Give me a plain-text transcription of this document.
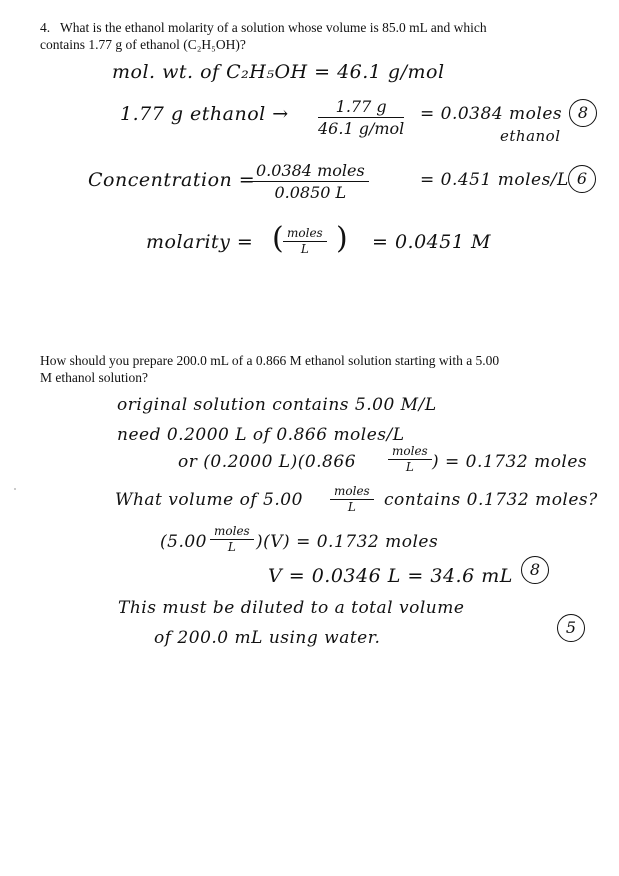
4. What is the ethanol molarity of a solution whose volume is 85.0 mL and which
contains 1.77 g of ethanol (C₂H₅OH)?
mol. wt. of C₂H₅OH = 46.1 g/mol
1.77 g ethanol →	1.77 g
46.1 g/mol
= 0.0384 moles
ethanol
8
Concentration = 0.0384 moles
0.0850 L
= 0.451 moles/L 6
molarity = ( moles
L ) = 0.0451 M
How should you prepare 200.0 mL of a 0.866 M ethanol solution starting with a 5.00
M ethanol solution?
original solution contains 5.00 M/L
need 0.2000 L of 0.866 moles/L
or (0.2000 L)(0.866
moles
L	) = 0.1732 moles
What volume of 5.00	moles
L	contains 0.1732 moles?
(5.00
moles
L	)(V) = 0.1732 moles
V = 0.0346 L = 34.6 mL	8
This must be diluted to a total volume
of 200.0 mL using water.
5
